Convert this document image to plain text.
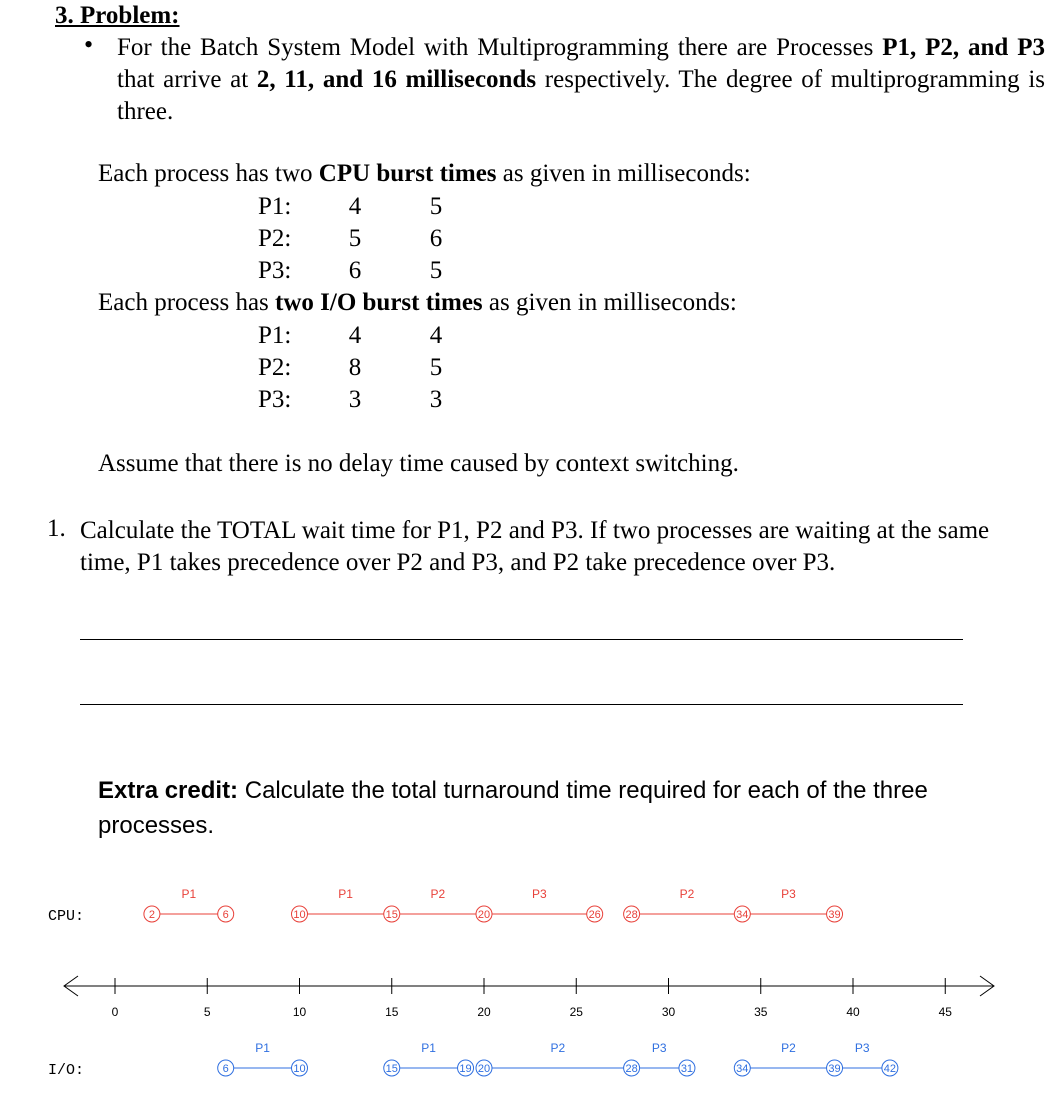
3. Problem:
• For the Batch System Model with Multiprogramming there are Processes P1, P2, and P3 that arrive at 2, 11, and 16 milliseconds respectively. The degree of multiprogramming is three.
Each process has two CPU burst times as given in milliseconds:
P1:	4	5
P2:	5	6
P3:	6	5
Each process has two I/O burst times as given in milliseconds:
P1:	4	4
P2:	8	5
P3:	3	3
Assume that there is no delay time caused by context switching.
1. Calculate the TOTAL wait time for P1, P2 and P3. If two processes are waiting at the same time, P1 takes precedence over P2 and P3, and P2 take precedence over P3.
Extra credit: Calculate the total turnaround time required for each of the three processes.
CPU:
I/O:
0	5	10	15	20	25	30	35	40	45
P1	P1	P2	P3	P2	P3
2	6	10	15	20	26 28	34	39
P1	P1	P2	P3	P2	P3
6	10	15	19 20	28	31	34	39	42
